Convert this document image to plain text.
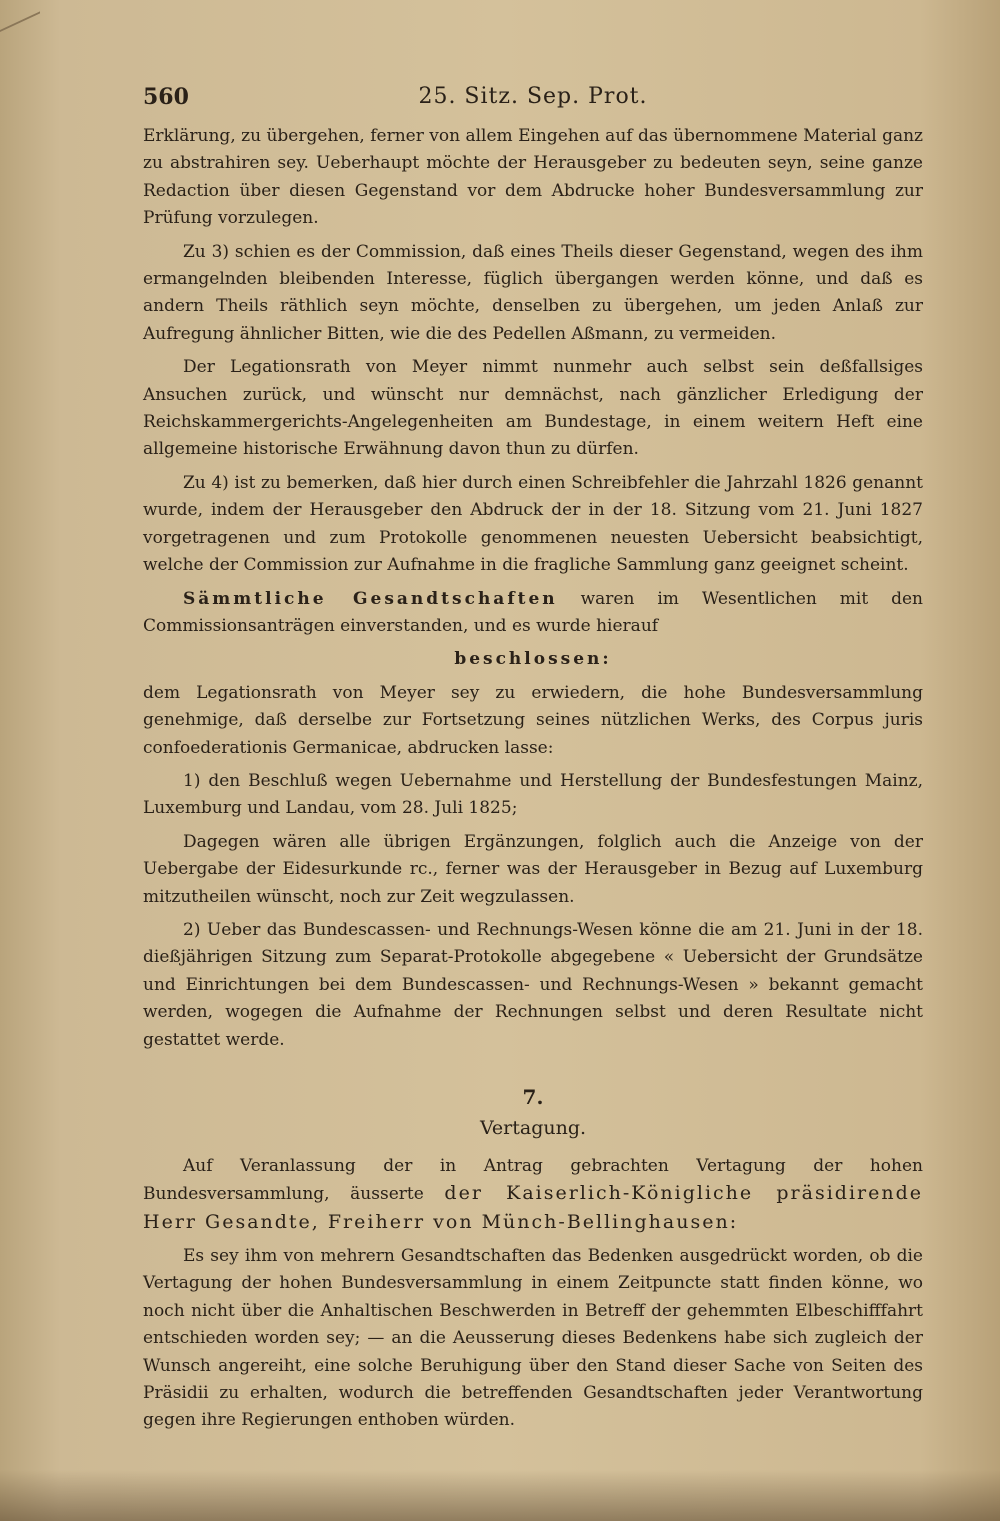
560	25. Sitz. Sep. Prot.

Erklärung, zu übergehen, ferner von allem Eingehen auf das übernommene Material ganz zu abstrahiren sey. Ueberhaupt möchte der Herausgeber zu bedeuten seyn, seine ganze Redaction über diesen Gegenstand vor dem Abdrucke hoher Bundesversammlung zur Prüfung vorzulegen.

Zu 3) schien es der Commission, daß eines Theils dieser Gegenstand, wegen des ihm ermangelnden bleibenden Interesse, füglich übergangen werden könne, und daß es andern Theils räthlich seyn möchte, denselben zu übergehen, um jeden Anlaß zur Aufregung ähnlicher Bitten, wie die des Pedellen Aßmann, zu vermeiden.

Der Legationsrath von Meyer nimmt nunmehr auch selbst sein deßfallsiges Ansuchen zurück, und wünscht nur demnächst, nach gänzlicher Erledigung der Reichskammergerichts-Angelegenheiten am Bundestage, in einem weitern Heft eine allgemeine historische Erwähnung davon thun zu dürfen.

Zu 4) ist zu bemerken, daß hier durch einen Schreibfehler die Jahrzahl 1826 genannt wurde, indem der Herausgeber den Abdruck der in der 18. Sitzung vom 21. Juni 1827 vorgetragenen und zum Protokolle genommenen neuesten Uebersicht beabsichtigt, welche der Commission zur Aufnahme in die fragliche Sammlung ganz geeignet scheint.

Sämmtliche Gesandtschaften waren im Wesentlichen mit den Commissionsanträgen einverstanden, und es wurde hierauf

beschlossen:

dem Legationsrath von Meyer sey zu erwiedern, die hohe Bundesversammlung genehmige, daß derselbe zur Fortsetzung seines nützlichen Werks, des Corpus juris confoederationis Germanicae, abdrucken lasse:

1) den Beschluß wegen Uebernahme und Herstellung der Bundesfestungen Mainz, Luxemburg und Landau, vom 28. Juli 1825;

Dagegen wären alle übrigen Ergänzungen, folglich auch die Anzeige von der Uebergabe der Eidesurkunde rc., ferner was der Herausgeber in Bezug auf Luxemburg mitzutheilen wünscht, noch zur Zeit wegzulassen.

2) Ueber das Bundescassen- und Rechnungs-Wesen könne die am 21. Juni in der 18. dießjährigen Sitzung zum Separat-Protokolle abgegebene « Uebersicht der Grundsätze und Einrichtungen bei dem Bundescassen- und Rechnungs-Wesen » bekannt gemacht werden, wogegen die Aufnahme der Rechnungen selbst und deren Resultate nicht gestattet werde.

7.
Vertagung.

Auf Veranlassung der in Antrag gebrachten Vertagung der hohen Bundesversammlung, äusserte der Kaiserlich-Königliche präsidirende Herr Gesandte, Freiherr von Münch-Bellinghausen:

Es sey ihm von mehrern Gesandtschaften das Bedenken ausgedrückt worden, ob die Vertagung der hohen Bundesversammlung in einem Zeitpuncte statt finden könne, wo noch nicht über die Anhaltischen Beschwerden in Betreff der gehemmten Elbeschifffahrt entschieden worden sey; — an die Aeusserung dieses Bedenkens habe sich zugleich der Wunsch angereiht, eine solche Beruhigung über den Stand dieser Sache von Seiten des Präsidii zu erhalten, wodurch die betreffenden Gesandtschaften jeder Verantwortung gegen ihre Regierungen enthoben würden.
